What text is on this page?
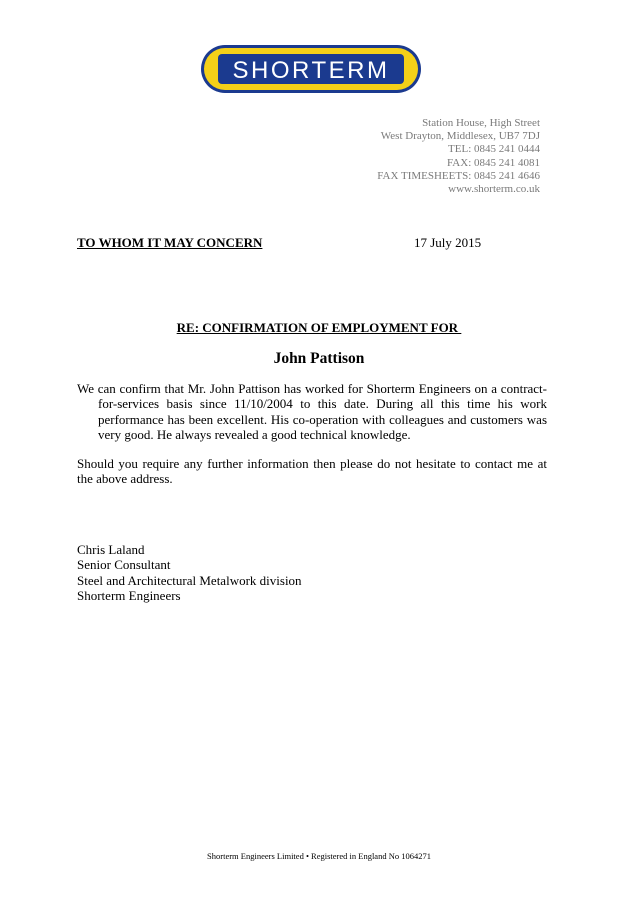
SHORTERM
Station House, High Street
West Drayton, Middlesex, UB7 7DJ
TEL: 0845 241 0444
FAX: 0845 241 4081
FAX TIMESHEETS: 0845 241 4646
www.shorterm.co.uk
TO WHOM IT MAY CONCERN	17 July 2015
RE: CONFIRMATION OF EMPLOYMENT FOR
John Pattison
We can confirm that Mr. John Pattison has worked for Shorterm Engineers on a contract-for-services basis since 11/10/2004 to this date. During all this time his work performance has been excellent. His co-operation with colleagues and customers was very good. He always revealed a good technical knowledge.
Should you require any further information then please do not hesitate to contact me at the above address.
Chris Laland
Senior Consultant
Steel and Architectural Metalwork division
Shorterm Engineers
Shorterm Engineers Limited • Registered in England No 1064271
